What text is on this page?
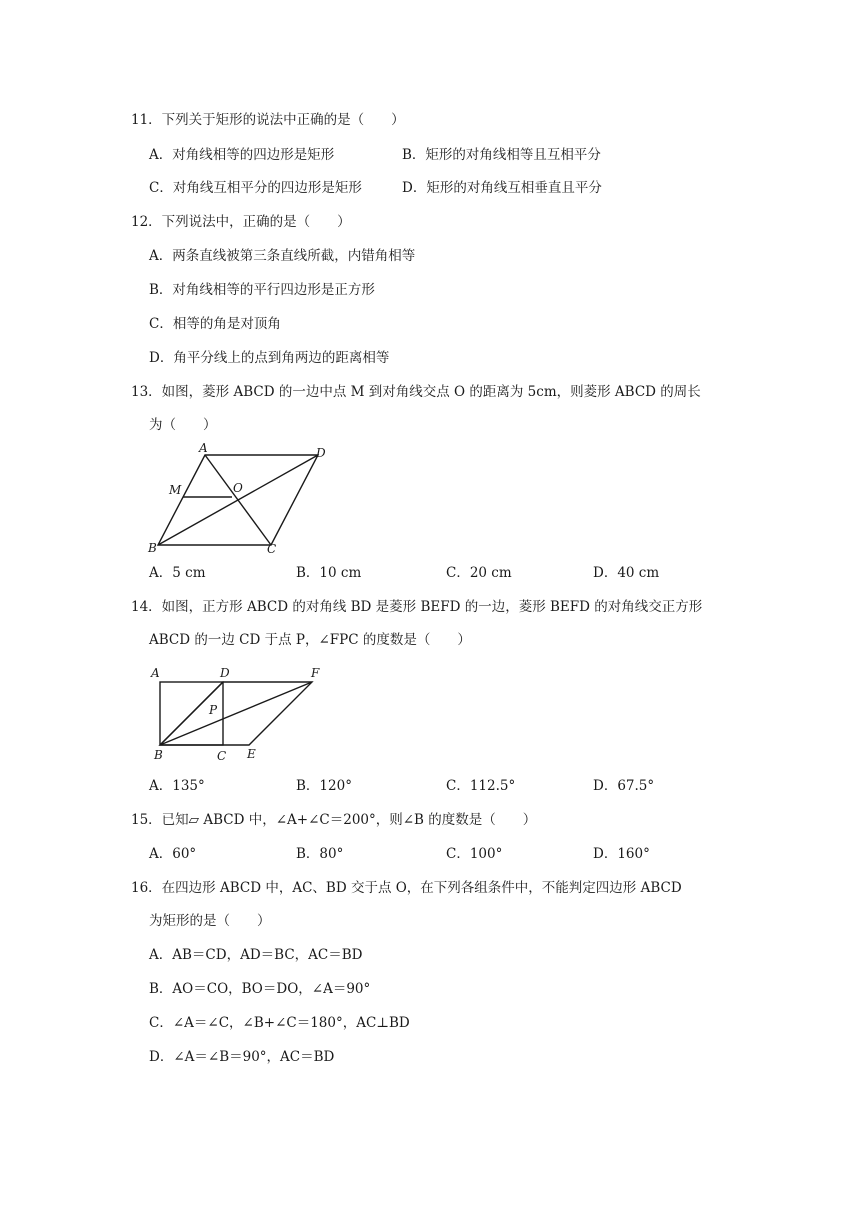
11．下列关于矩形的说法中正确的是（　　）
A．对角线相等的四边形是矩形	B．矩形的对角线相等且互相平分
C．对角线互相平分的四边形是矩形	D．矩形的对角线互相垂直且平分
12．下列说法中，正确的是（　　）
A．两条直线被第三条直线所截，内错角相等
B．对角线相等的平行四边形是正方形
C．相等的角是对顶角
D．角平分线上的点到角两边的距离相等
13．如图，菱形 ABCD 的一边中点 M 到对角线交点 O 的距离为 5cm，则菱形 ABCD 的周长
为（　　）
A	D
M	O
B	C
A．5 cm	B．10 cm	C．20 cm	D．40 cm
14．如图，正方形 ABCD 的对角线 BD 是菱形 BEFD 的一边，菱形 BEFD 的对角线交正方形
ABCD 的一边 CD 于点 P，∠FPC 的度数是（　　）
A	D	F
P
B	C E
A．135°	B．120°	C．112.5°	D．67.5°
15．已知▱ ABCD 中，∠A+∠C＝200°，则∠B 的度数是（　　）
A．60°	B．80°	C．100°	D．160°
16．在四边形 ABCD 中，AC、BD 交于点 O，在下列各组条件中，不能判定四边形 ABCD
为矩形的是（　　）
A．AB＝CD，AD＝BC，AC＝BD
B．AO＝CO，BO＝DO，∠A＝90°
C．∠A＝∠C，∠B+∠C＝180°，AC⊥BD
D．∠A＝∠B＝90°，AC＝BD
